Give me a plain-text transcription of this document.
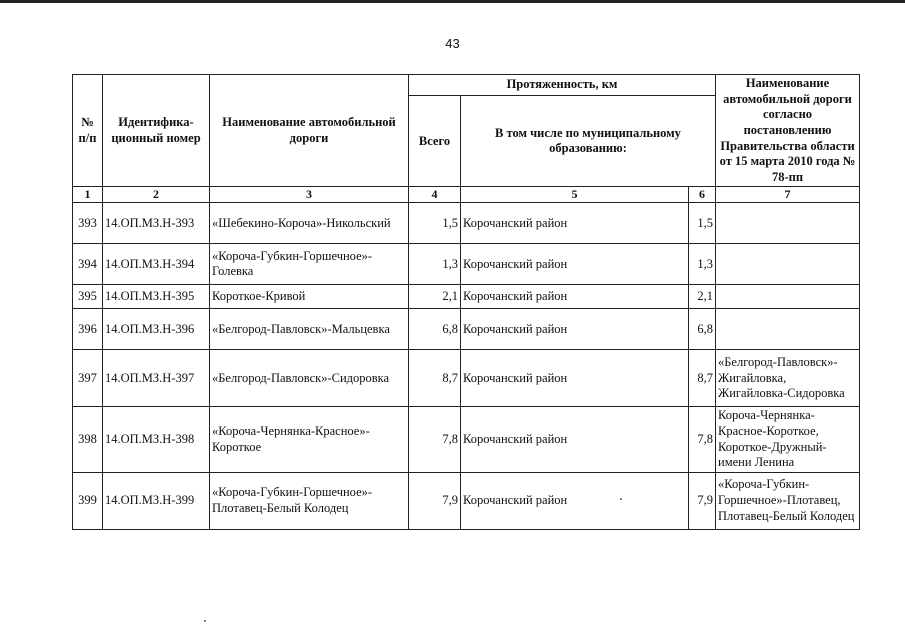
43
№ п/п	Идентифика-ционный номер	Наименование автомобильной дороги	Протяженность, км			Наименование автомобильной дороги согласно постановлению Правительства области от 15 марта 2010 года № 78-пп
			Всего	В том числе по муниципальному образованию:		
1	2	3	4	5	6	7
393	14.ОП.МЗ.Н-393	«Шебекино-Короча»-Никольский	1,5	Корочанский район	1,5	
394	14.ОП.МЗ.Н-394	«Короча-Губкин-Горшечное»-Голевка	1,3	Корочанский район	1,3	
395	14.ОП.МЗ.Н-395	Короткое-Кривой	2,1	Корочанский район	2,1	
396	14.ОП.МЗ.Н-396	«Белгород-Павловск»-Мальцевка	6,8	Корочанский район	6,8	
397	14.ОП.МЗ.Н-397	«Белгород-Павловск»-Сидоровка	8,7	Корочанский район	8,7	«Белгород-Павловск»-Жигайловка, Жигайловка-Сидоровка
398	14.ОП.МЗ.Н-398	«Короча-Чернянка-Красное»-Короткое	7,8	Корочанский район	7,8	Короча-Чернянка-Красное-Короткое, Короткое-Дружный-имени Ленина
399	14.ОП.МЗ.Н-399	«Короча-Губкин-Горшечное»-Плотавец-Белый Колодец	7,9	Корочанский район	7,9	«Короча-Губкин-Горшечное»-Плотавец, Плотавец-Белый Колодец
